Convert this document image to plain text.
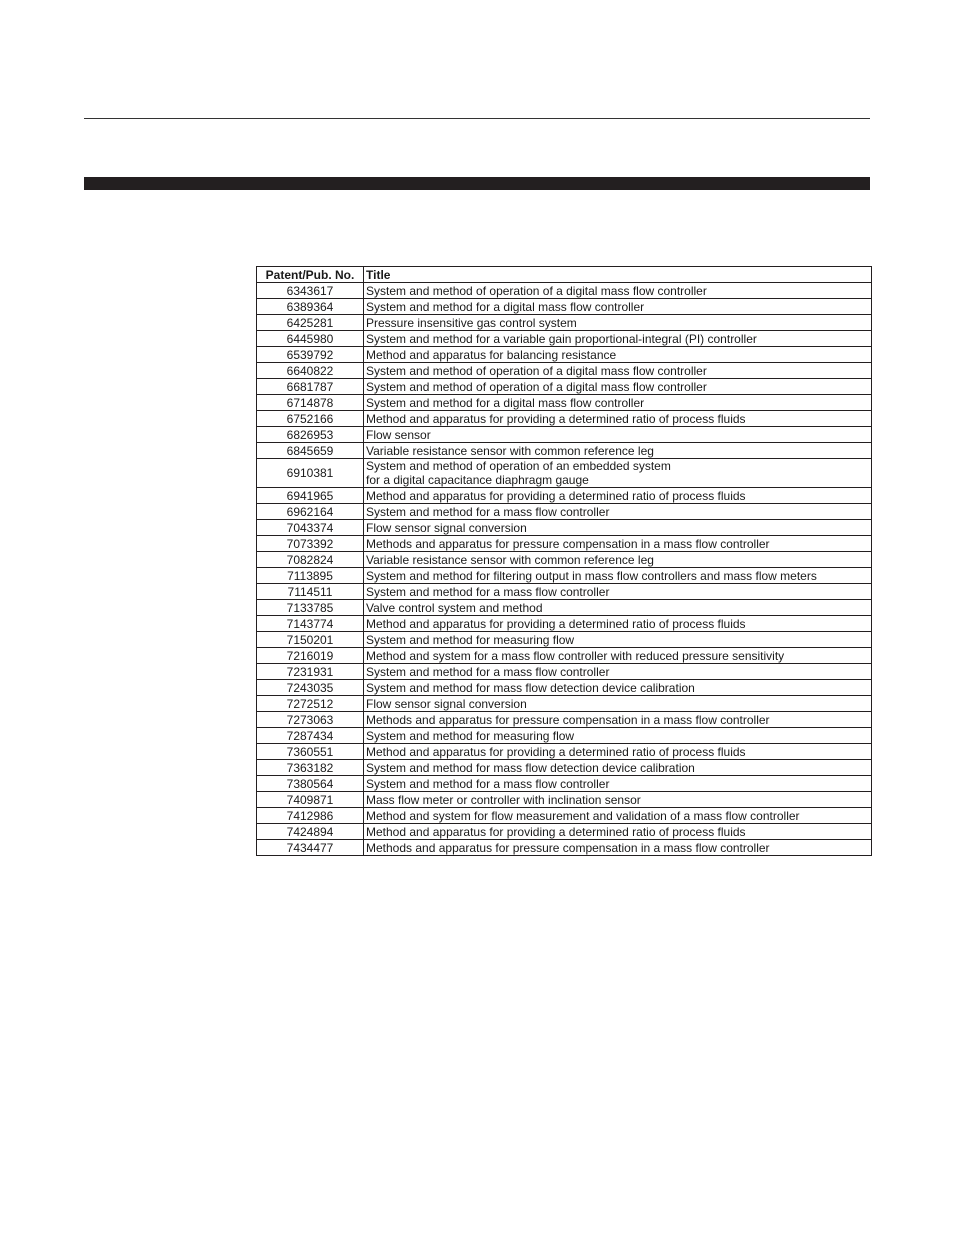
Patent/Pub. No.	Title
6343617	System and method of operation of a digital mass flow controller
6389364	System and method for a digital mass flow controller
6425281	Pressure insensitive gas control system
6445980	System and method for a variable gain proportional-integral (PI) controller
6539792	Method and apparatus for balancing resistance
6640822	System and method of operation of a digital mass flow controller
6681787	System and method of operation of a digital mass flow controller
6714878	System and method for a digital mass flow controller
6752166	Method and apparatus for providing a determined ratio of process fluids
6826953	Flow sensor
6845659	Variable resistance sensor with common reference leg
6910381	System and method of operation of an embedded system
for a digital capacitance diaphragm gauge
6941965	Method and apparatus for providing a determined ratio of process fluids
6962164	System and method for a mass flow controller
7043374	Flow sensor signal conversion
7073392	Methods and apparatus for pressure compensation in a mass flow controller
7082824	Variable resistance sensor with common reference leg
7113895	System and method for filtering output in mass flow controllers and mass flow meters
7114511	System and method for a mass flow controller
7133785	Valve control system and method
7143774	Method and apparatus for providing a determined ratio of process fluids
7150201	System and method for measuring flow
7216019	Method and system for a mass flow controller with reduced pressure sensitivity
7231931	System and method for a mass flow controller
7243035	System and method for mass flow detection device calibration
7272512	Flow sensor signal conversion
7273063	Methods and apparatus for pressure compensation in a mass flow controller
7287434	System and method for measuring flow
7360551	Method and apparatus for providing a determined ratio of process fluids
7363182	System and method for mass flow detection device calibration
7380564	System and method for a mass flow controller
7409871	Mass flow meter or controller with inclination sensor
7412986	Method and system for flow measurement and validation of a mass flow controller
7424894	Method and apparatus for providing a determined ratio of process fluids
7434477	Methods and apparatus for pressure compensation in a mass flow controller
